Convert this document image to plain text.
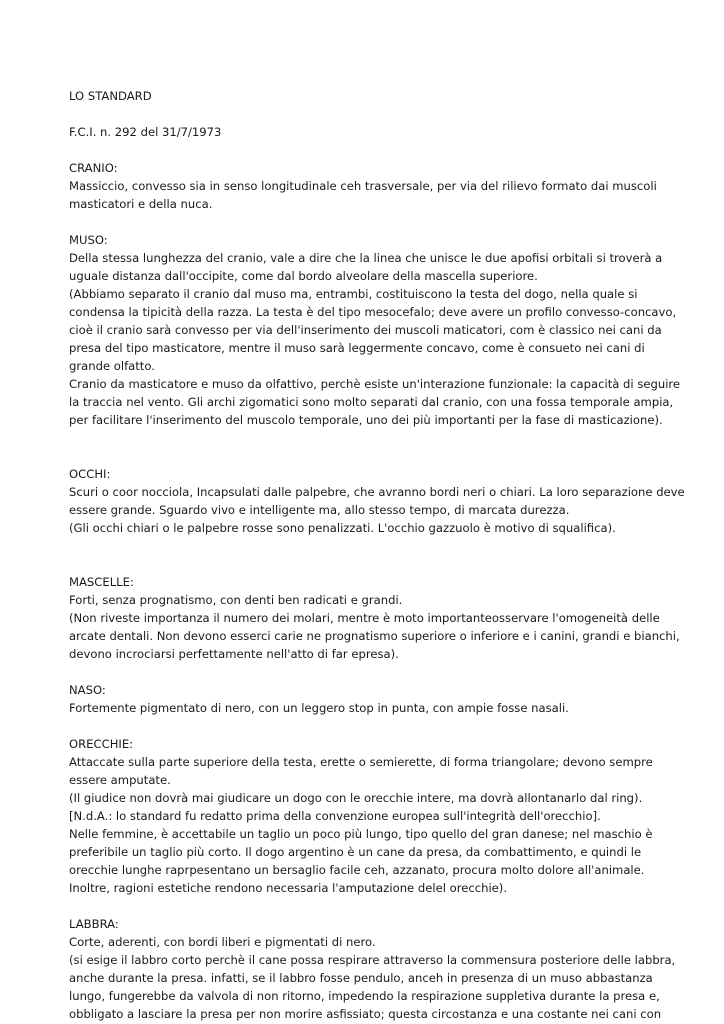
LO STANDARD
F.C.I. n. 292 del 31/7/1973
CRANIO:
Massiccio, convesso sia in senso longitudinale ceh trasversale, per via del rilievo formato dai muscoli
masticatori e della nuca.
MUSO:
Della stessa lunghezza del cranio, vale a dire che la linea che unisce le due apofisi orbitali si troverà a
uguale distanza dall'occipite, come dal bordo alveolare della mascella superiore.
(Abbiamo separato il cranio dal muso ma, entrambi, costituiscono la testa del dogo, nella quale si
condensa la tipicità della razza. La testa è del tipo mesocefalo; deve avere un profilo convesso-concavo,
cioè il cranio sarà convesso per via dell'inserimento dei muscoli maticatori, com è classico nei cani da
presa del tipo masticatore, mentre il muso sarà leggermente concavo, come è consueto nei cani di
grande olfatto.
Cranio da masticatore e muso da olfattivo, perchè esiste un'interazione funzionale: la capacità di seguire
la traccia nel vento. Gli archi zigomatici sono molto separati dal cranio, con una fossa temporale ampia,
per facilitare l'inserimento del muscolo temporale, uno dei più importanti per la fase di masticazione).
OCCHI:
Scuri o coor nocciola, Incapsulati dalle palpebre, che avranno bordi neri o chiari. La loro separazione deve
essere grande. Sguardo vivo e intelligente ma, allo stesso tempo, di marcata durezza.
(Gli occhi chiari o le palpebre rosse sono penalizzati. L'occhio gazzuolo è motivo di squalifica).
MASCELLE:
Forti, senza prognatismo, con denti ben radicati e grandi.
(Non riveste importanza il numero dei molari, mentre è moto importanteosservare l'omogeneità delle
arcate dentali. Non devono esserci carie ne prognatismo superiore o inferiore e i canini, grandi e bianchi,
devono incrociarsi perfettamente nell'atto di far epresa).
NASO:
Fortemente pigmentato di nero, con un leggero stop in punta, con ampie fosse nasali.
ORECCHIE:
Attaccate sulla parte superiore della testa, erette o semierette, di forma triangolare; devono sempre
essere amputate.
(Il giudice non dovrà mai giudicare un dogo con le orecchie intere, ma dovrà allontanarlo dal ring).
[N.d.A.: lo standard fu redatto prima della convenzione europea sull'integrità dell'orecchio].
Nelle femmine, è accettabile un taglio un poco più lungo, tipo quello del gran danese; nel maschio è
preferibile un taglio più corto. Il dogo argentino è un cane da presa, da combattimento, e quindi le
orecchie lunghe raprpesentano un bersaglio facile ceh, azzanato, procura molto dolore all'animale.
Inoltre, ragioni estetiche rendono necessaria l'amputazione delel orecchie).
LABBRA:
Corte, aderenti, con bordi liberi e pigmentati di nero.
(si esige il labbro corto perchè il cane possa respirare attraverso la commensura posteriore delle labbra,
anche durante la presa. infatti, se il labbro fosse pendulo, anceh in presenza di un muso abbastanza
lungo, fungerebbe da valvola di non ritorno, impedendo la respirazione suppletiva durante la presa e,
obbligato a lasciare la presa per non morire asfissiato; questa circostanza e una costante nei cani con
